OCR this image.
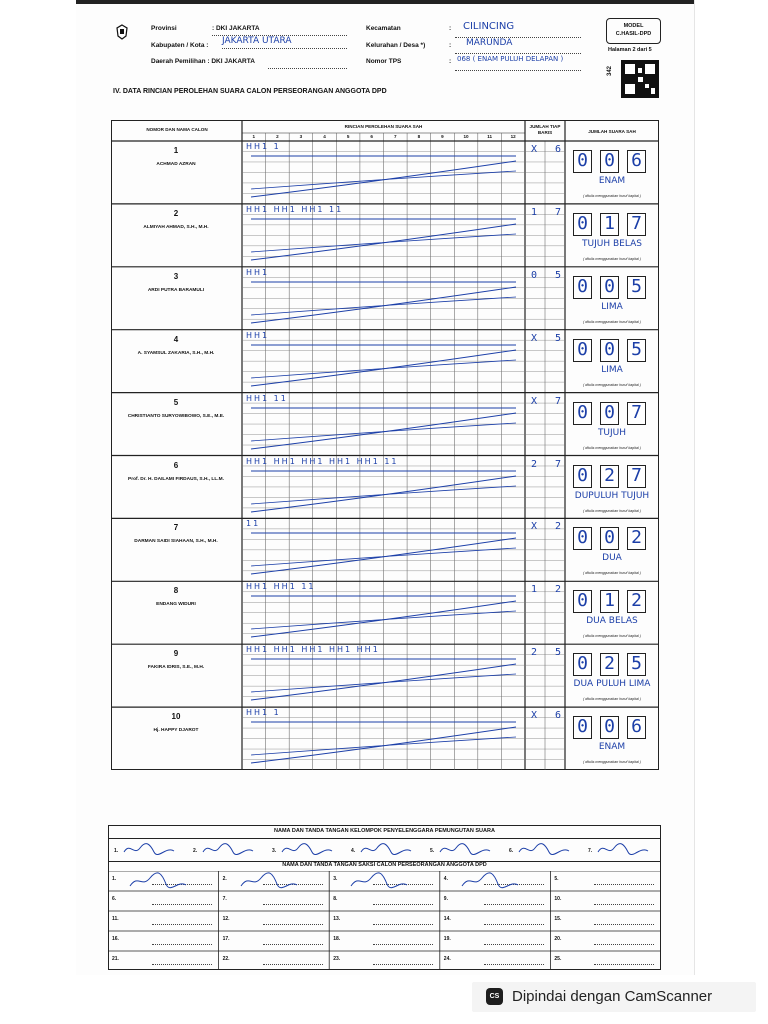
Provinsi	: DKI JAKARTA
Kabupaten / Kota : JAKARTA UTARA
Daerah Pemilihan : DKI JAKARTA
Kecamatan	: CILINCING
Kelurahan / Desa *)	: MARUNDA
Nomor TPS	: 068 ( ENAM PULUH DELAPAN )
MODEL
C.HASIL-DPD
Halaman 2 dari 5
342
IV. DATA RINCIAN PEROLEHAN SUARA CALON PERSEORANGAN ANGGOTA DPD
NOMOR DAN NAMA CALON
RINCIAN PEROLEHAN SUARA SAH	JUMLAH TIAP BARIS	JUMLAH SUARA SAH
1	2	3	4	5	6	7	8	9	10	11	12
1
ACHMAD AZRAN
HH1 1	X 6
0 0 6
ENAM
( ditulis menggunakan huruf kapital )
2
ALMIYAH AHMAD, S.H., M.H.
HH1 HH1 HH1 11	1 7
0 1 7
TUJUH BELAS
( ditulis menggunakan huruf kapital )
3
ARDI PUTRA BARAMULI
HH1	0 5
0 0 5
LIMA
( ditulis menggunakan huruf kapital )
4
A. SYAMSUL ZAKARIA, S.H., M.H.
HH1	X 5
0 0 5
LIMA
( ditulis menggunakan huruf kapital )
5
CHRISTIANTO SURYOWIBOWO, S.E., M.E.
HH1 11	X 7
0 0 7
TUJUH
( ditulis menggunakan huruf kapital )
6
Prof. Dr. H. DAILAMI FIRDAUS, S.H., LL.M.
HH1 HH1 HH1 HH1 HH1 11	2 7
0 2 7
DUPULUH TUJUH
( ditulis menggunakan huruf kapital )
7
DARMAN SAIDI SIAHAAN, S.H., M.H.
11	X 2
0 0 2
DUA
( ditulis menggunakan huruf kapital )
8
ENDANG WIDURI
HH1 HH1 11	1 2
0 1 2
DUA BELAS
( ditulis menggunakan huruf kapital )
9
FAKIRA IDRIS, S.E., M.H.
HH1 HH1 HH1 HH1 HH1	2 5
0 2 5
DUA PULUH LIMA
( ditulis menggunakan huruf kapital )
10
Hj. HAPPY DJAROT
HH1 1	X 6
0 0 6
ENAM
( ditulis menggunakan huruf kapital )
NAMA DAN TANDA TANGAN KELOMPOK PENYELENGGARA PEMUNGUTAN SUARA
1.	2.	3.	4.	5.	6.	7.
NAMA DAN TANDA TANGAN SAKSI CALON PERSEORANGAN ANGGOTA DPD
1.	2.	3.	4.	5.
6.	7.	8.	9.	10.
11.	12.	13.	14.	15.
16.	17.	18.	19.	20.
21.	22.	23.	24.	25.
CS Dipindai dengan CamScanner
